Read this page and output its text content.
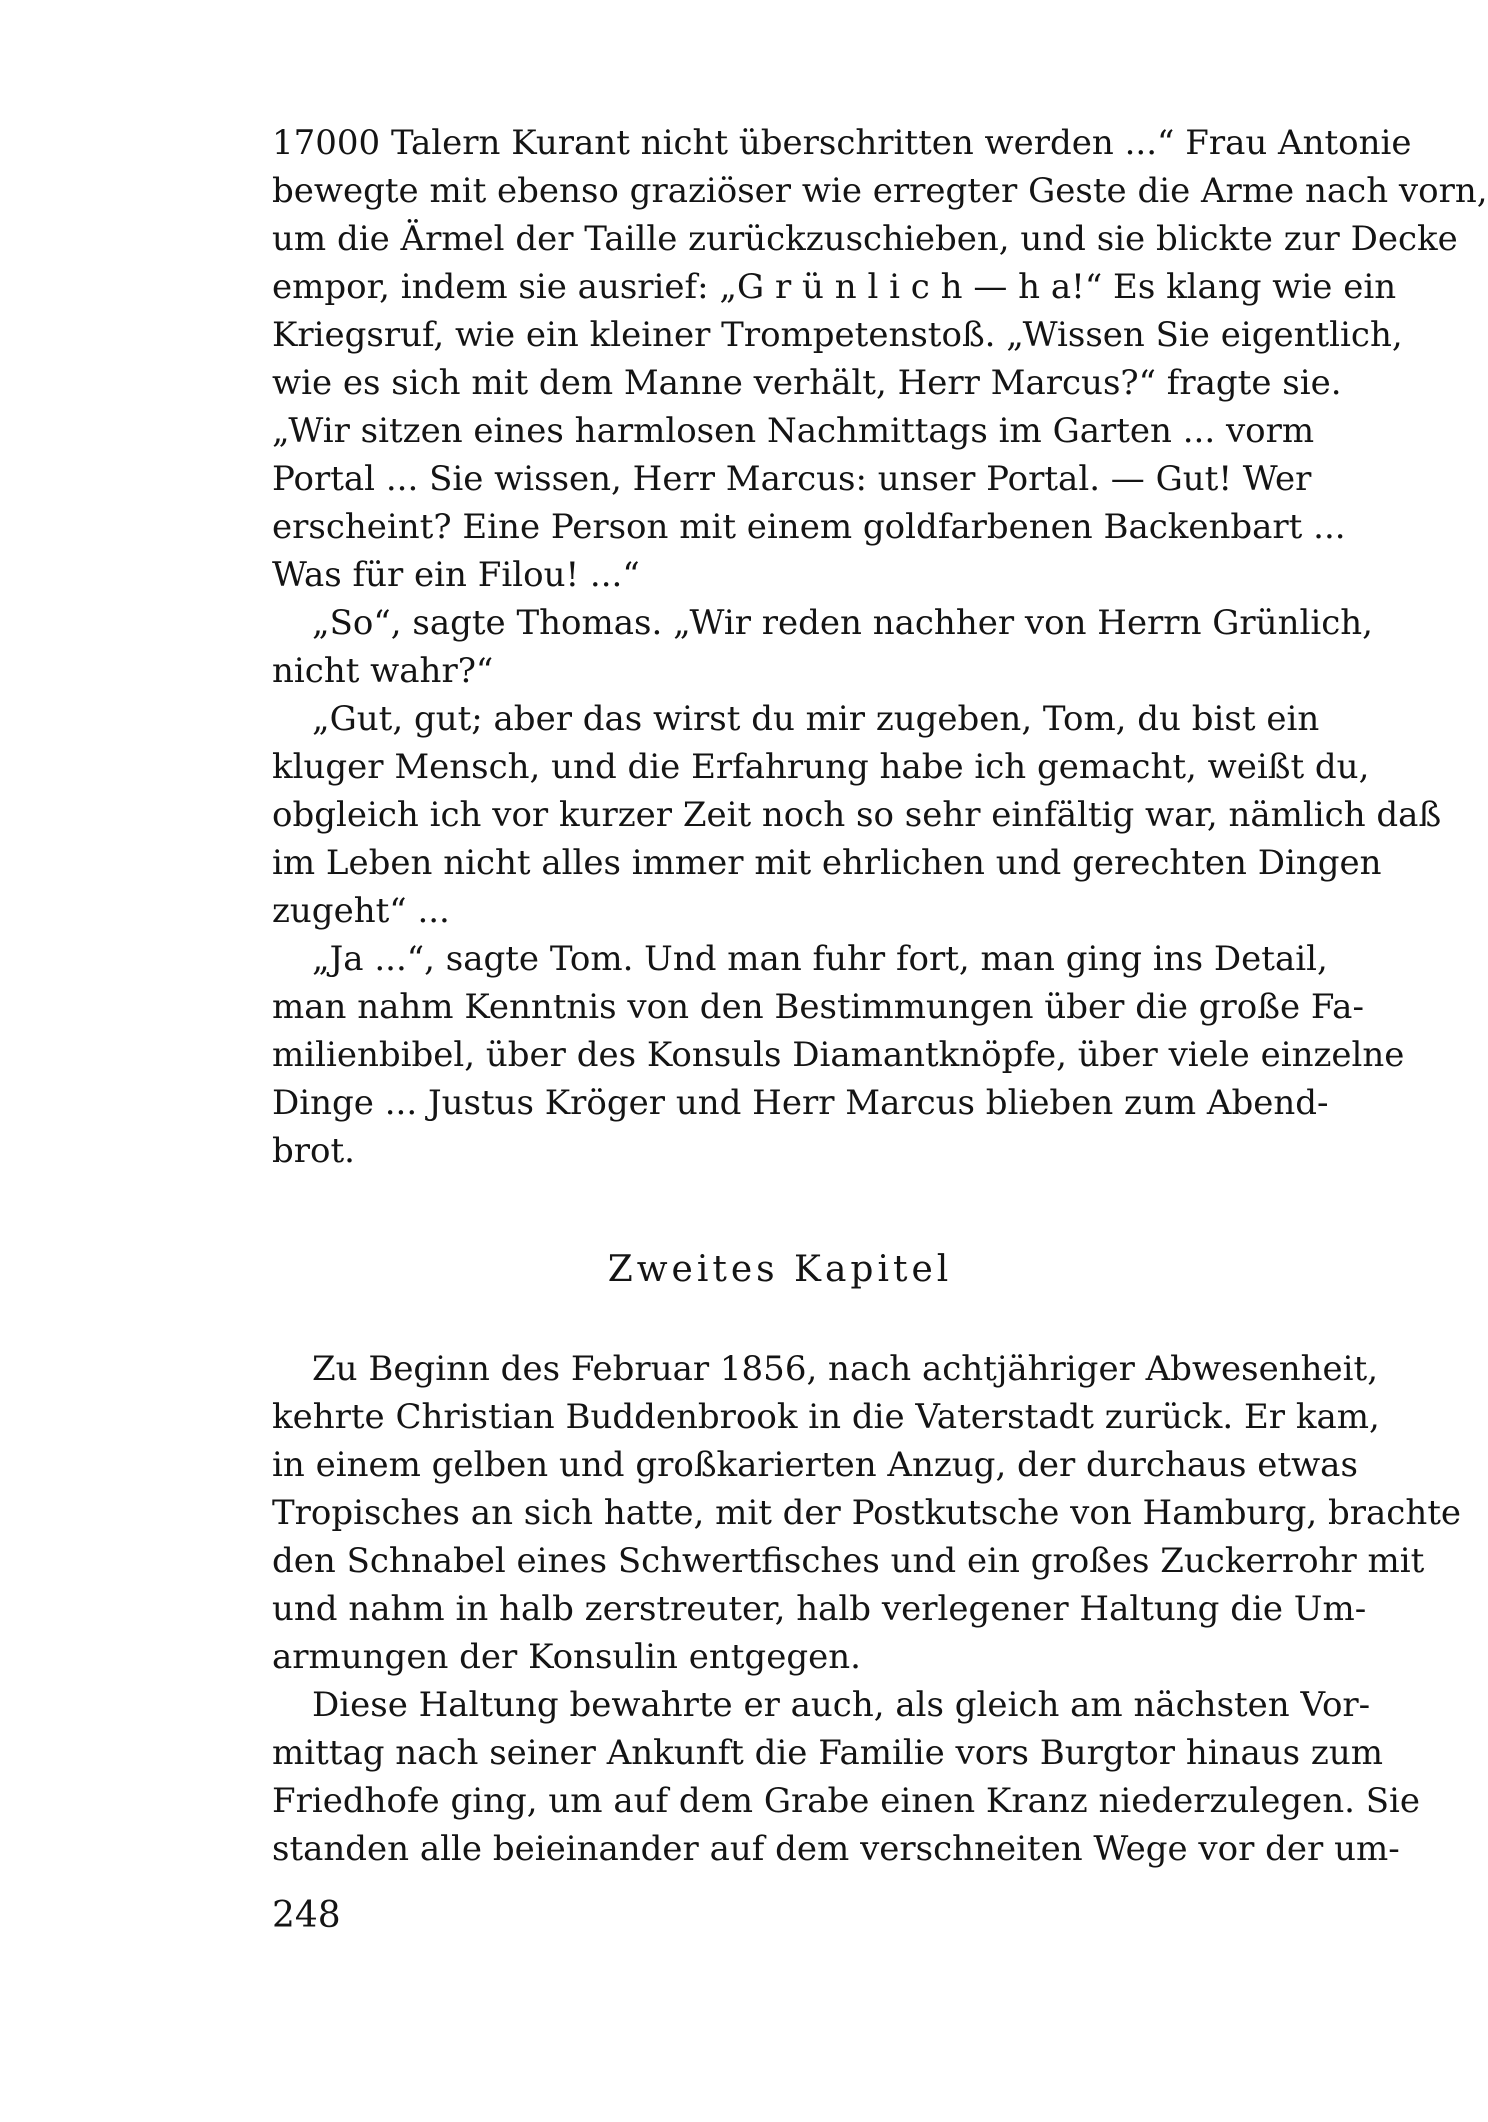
17000 Talern Kurant nicht überschritten werden ...“ Frau Antonie
bewegte mit ebenso graziöser wie erregter Geste die Arme nach vorn,
um die Ärmel der Taille zurückzuschieben, und sie blickte zur Decke
empor, indem sie ausrief: „G r ü n l i c h — h a!“ Es klang wie ein
Kriegsruf, wie ein kleiner Trompetenstoß. „Wissen Sie eigentlich,
wie es sich mit dem Manne verhält, Herr Marcus?“ fragte sie.
„Wir sitzen eines harmlosen Nachmittags im Garten ... vorm
Portal ... Sie wissen, Herr Marcus: unser Portal. — Gut! Wer
erscheint? Eine Person mit einem goldfarbenen Backenbart ...
Was für ein Filou! ...“
„So“, sagte Thomas. „Wir reden nachher von Herrn Grünlich,
nicht wahr?“
„Gut, gut; aber das wirst du mir zugeben, Tom, du bist ein
kluger Mensch, und die Erfahrung habe ich gemacht, weißt du,
obgleich ich vor kurzer Zeit noch so sehr einfältig war, nämlich daß
im Leben nicht alles immer mit ehrlichen und gerechten Dingen
zugeht“ ...
„Ja ...“, sagte Tom. Und man fuhr fort, man ging ins Detail,
man nahm Kenntnis von den Bestimmungen über die große Fa-
milienbibel, über des Konsuls Diamantknöpfe, über viele einzelne
Dinge ... Justus Kröger und Herr Marcus blieben zum Abend-
brot.
Zweites Kapitel
Zu Beginn des Februar 1856, nach achtjähriger Abwesenheit,
kehrte Christian Buddenbrook in die Vaterstadt zurück. Er kam,
in einem gelben und großkarierten Anzug, der durchaus etwas
Tropisches an sich hatte, mit der Postkutsche von Hamburg, brachte
den Schnabel eines Schwertfisches und ein großes Zuckerrohr mit
und nahm in halb zerstreuter, halb verlegener Haltung die Um-
armungen der Konsulin entgegen.
Diese Haltung bewahrte er auch, als gleich am nächsten Vor-
mittag nach seiner Ankunft die Familie vors Burgtor hinaus zum
Friedhofe ging, um auf dem Grabe einen Kranz niederzulegen. Sie
standen alle beieinander auf dem verschneiten Wege vor der um-
248
